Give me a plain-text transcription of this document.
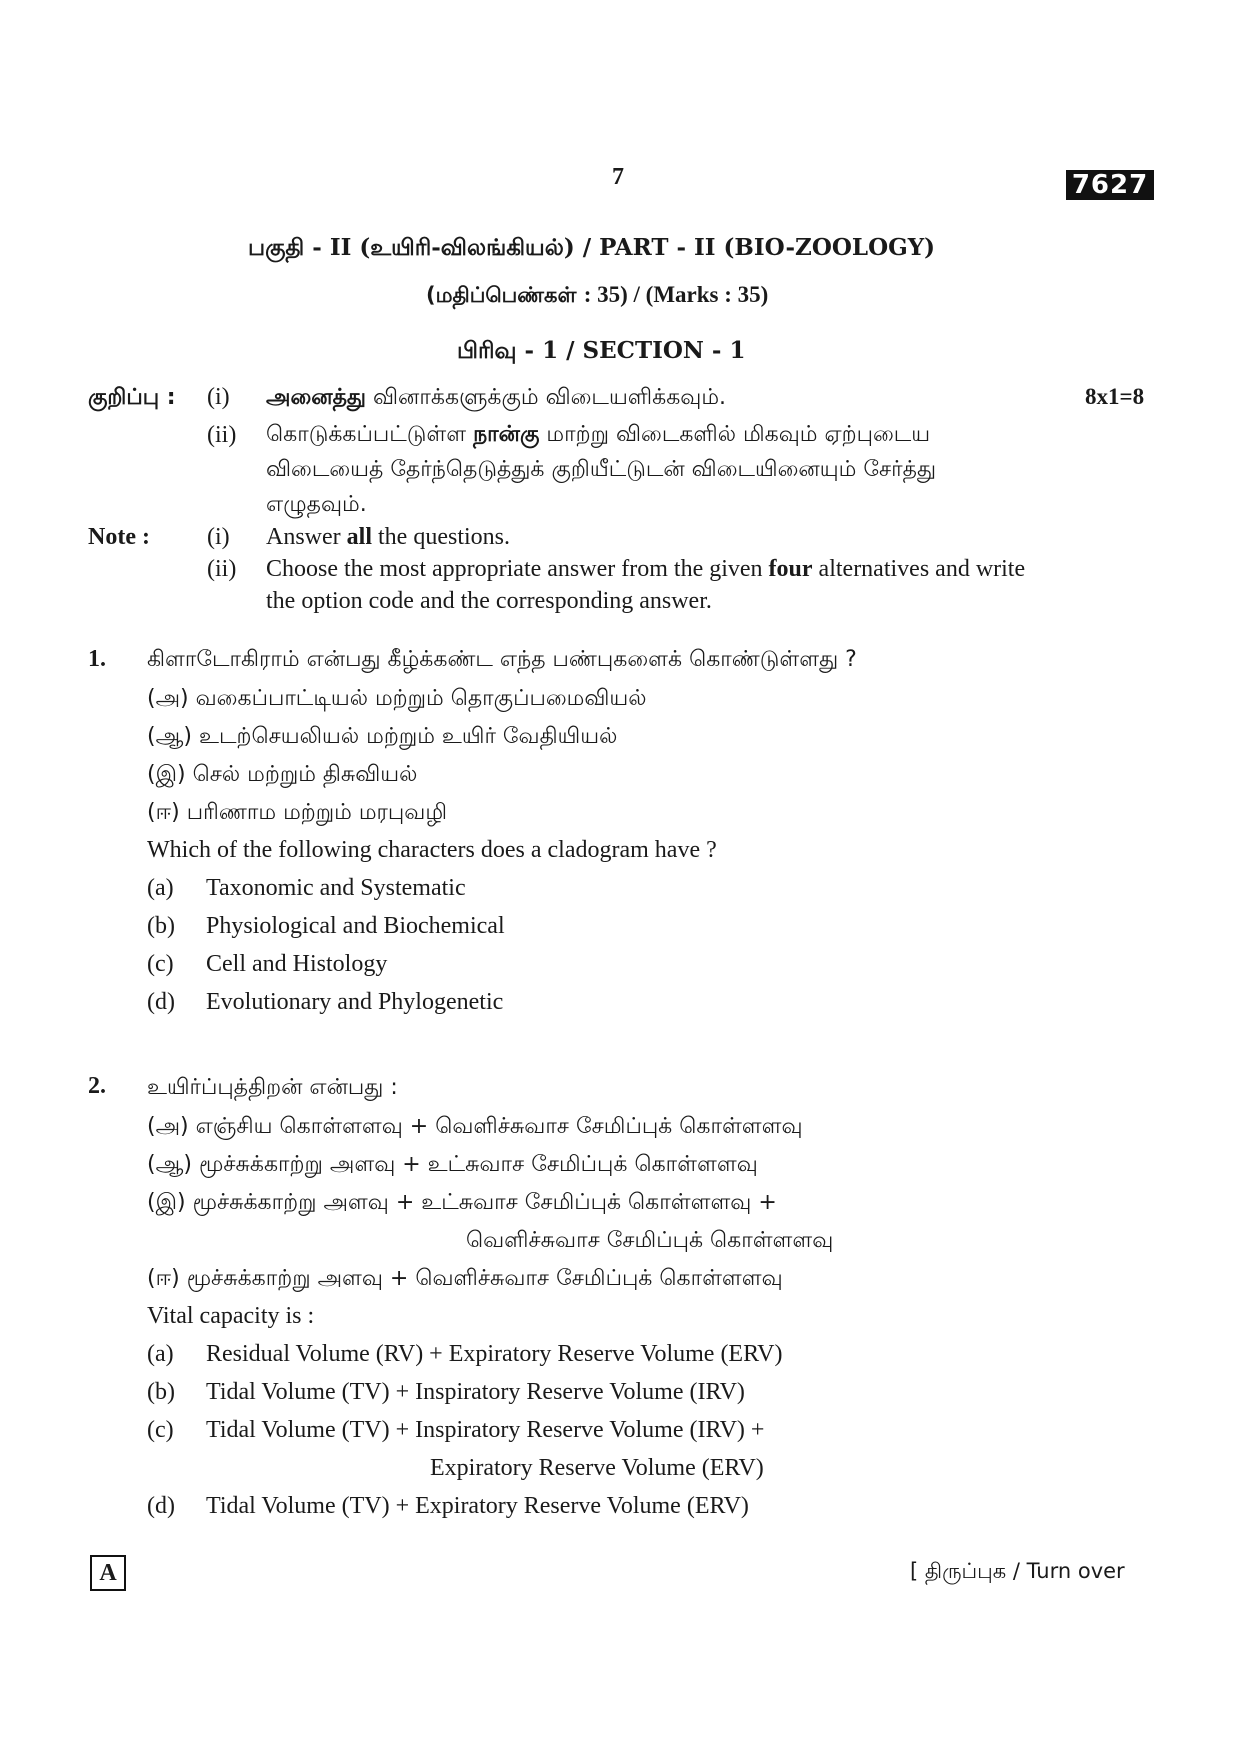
7	7627
பகுதி - II (உயிரி-விலங்கியல்) / PART - II (BIO-ZOOLOGY)
(மதிப்பெண்கள் : 35) / (Marks : 35)
பிரிவு - 1 / SECTION - 1
குறிப்பு : (i) அனைத்து வினாக்களுக்கும் விடையளிக்கவும்.	8x1=8
(ii) கொடுக்கப்பட்டுள்ள நான்கு மாற்று விடைகளில் மிகவும் ஏற்புடைய
விடையைத் தேர்ந்தெடுத்துக் குறியீட்டுடன் விடையினையும் சேர்த்து
எழுதவும்.
Note : (i) Answer all the questions.
(ii) Choose the most appropriate answer from the given four alternatives and write
the option code and the corresponding answer.
1. கிளாடோகிராம் என்பது கீழ்க்கண்ட எந்த பண்புகளைக் கொண்டுள்ளது ?
(அ) வகைப்பாட்டியல் மற்றும் தொகுப்பமைவியல்
(ஆ) உடற்செயலியல் மற்றும் உயிர் வேதியியல்
(இ) செல் மற்றும் திசுவியல்
(ஈ) பரிணாம மற்றும் மரபுவழி
Which of the following characters does a cladogram have ?
(a) Taxonomic and Systematic
(b) Physiological and Biochemical
(c) Cell and Histology
(d) Evolutionary and Phylogenetic
2. உயிர்ப்புத்திறன் என்பது :
(அ) எஞ்சிய கொள்ளளவு + வெளிச்சுவாச சேமிப்புக் கொள்ளளவு
(ஆ) மூச்சுக்காற்று அளவு + உட்சுவாச சேமிப்புக் கொள்ளளவு
(இ) மூச்சுக்காற்று அளவு + உட்சுவாச சேமிப்புக் கொள்ளளவு +
வெளிச்சுவாச சேமிப்புக் கொள்ளளவு
(ஈ) மூச்சுக்காற்று அளவு + வெளிச்சுவாச சேமிப்புக் கொள்ளளவு
Vital capacity is :
(a) Residual Volume (RV) + Expiratory Reserve Volume (ERV)
(b) Tidal Volume (TV) + Inspiratory Reserve Volume (IRV)
(c) Tidal Volume (TV) + Inspiratory Reserve Volume (IRV) +
Expiratory Reserve Volume (ERV)
(d) Tidal Volume (TV) + Expiratory Reserve Volume (ERV)
A	[ திருப்புக / Turn over
